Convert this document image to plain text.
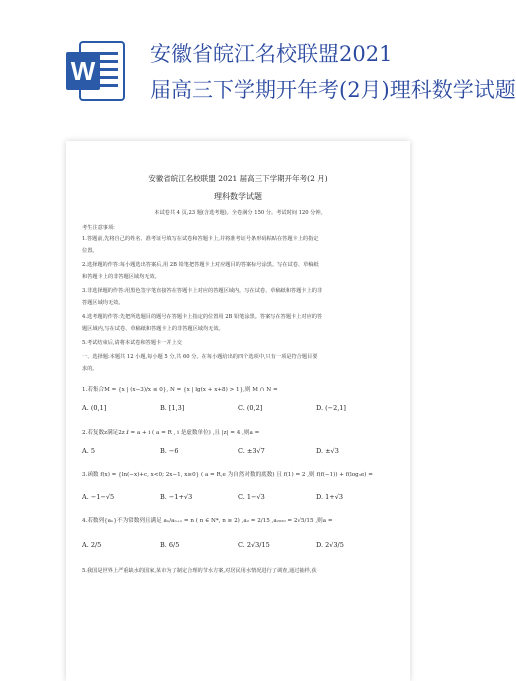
W
安徽省皖江名校联盟2021
届高三下学期开年考(2月)理科数学试题
安徽省皖江名校联盟 2021 届高三下学期开年考(2 月)
理科数学试题
本试卷共 4 页,23 题(含选考题)。全卷满分 150 分。考试时间 120 分钟。
考生注意事项:
1.答题前,先将自己的姓名、准考证号填写在试卷和答题卡上,并将准考证号条形码粘贴在答题卡上的指定
位置。
2.选择题的作答:每小题选出答案后,用 2B 铅笔把答题卡上对应题目的答案标号涂黑。写在试卷、草稿纸
和答题卡上的非答题区域均无效。
3.非选择题的作答:用黑色签字笔直接答在答题卡上对应的答题区域内。写在试卷、草稿纸和答题卡上的非
答题区域均无效。
4.选考题的作答:先把所选题目的题号在答题卡上指定的位置用 2B 铅笔涂黑。答案写在答题卡上对应的答
题区域内,写在试卷、草稿纸和答题卡上的非答题区域均无效。
5.考试结束后,请将本试卷和答题卡一并上交
一、选择题:本题共 12 小题,每小题 5 分,共 60 分。在每小题给出的四个选项中,只有一项是符合题目要
求的。
1.若集合M = {x | (x−3)/x ≤ 0}, N = {x | lg(x + x+8) > 1},则 M ∩ N =
A. (0,1]	B. [1,3]	C. (0,2]	D. (−2,1]
2.若复数z满足2z ⅈ = a + i ( a = R , i 是虚数单位) ,且 |z| = 4 ,则a =
A. 5	B. −6	C. ±3√7	D. ±√3
3.函数 f(x) = {ln(−x)+c, x<0; 2x−1, x≥0} ( a = R,e 为自然对数的底数) 且 f(1) = 2 ,则 f(f(−1)) + f(log₃e) =
A. −1−√5	B. −1+√3	C. 1−√3	D. 1+√3
4.若数列{aₙ}不为常数列且满足 aₙ/aₙ₊₁ = n ( n ∈ N*, n ≥ 2) ,a₂ = 2/15 ,a₂₀₂₀ = 2√5/15 ,则a =
A. 2/5	B. 6/5	C. 2√3/15	D. 2√3/5
5.我国是世界上严重缺水的国家,某市为了制定合理的节水方案,对居民用水情况进行了调查,通过抽样,获
